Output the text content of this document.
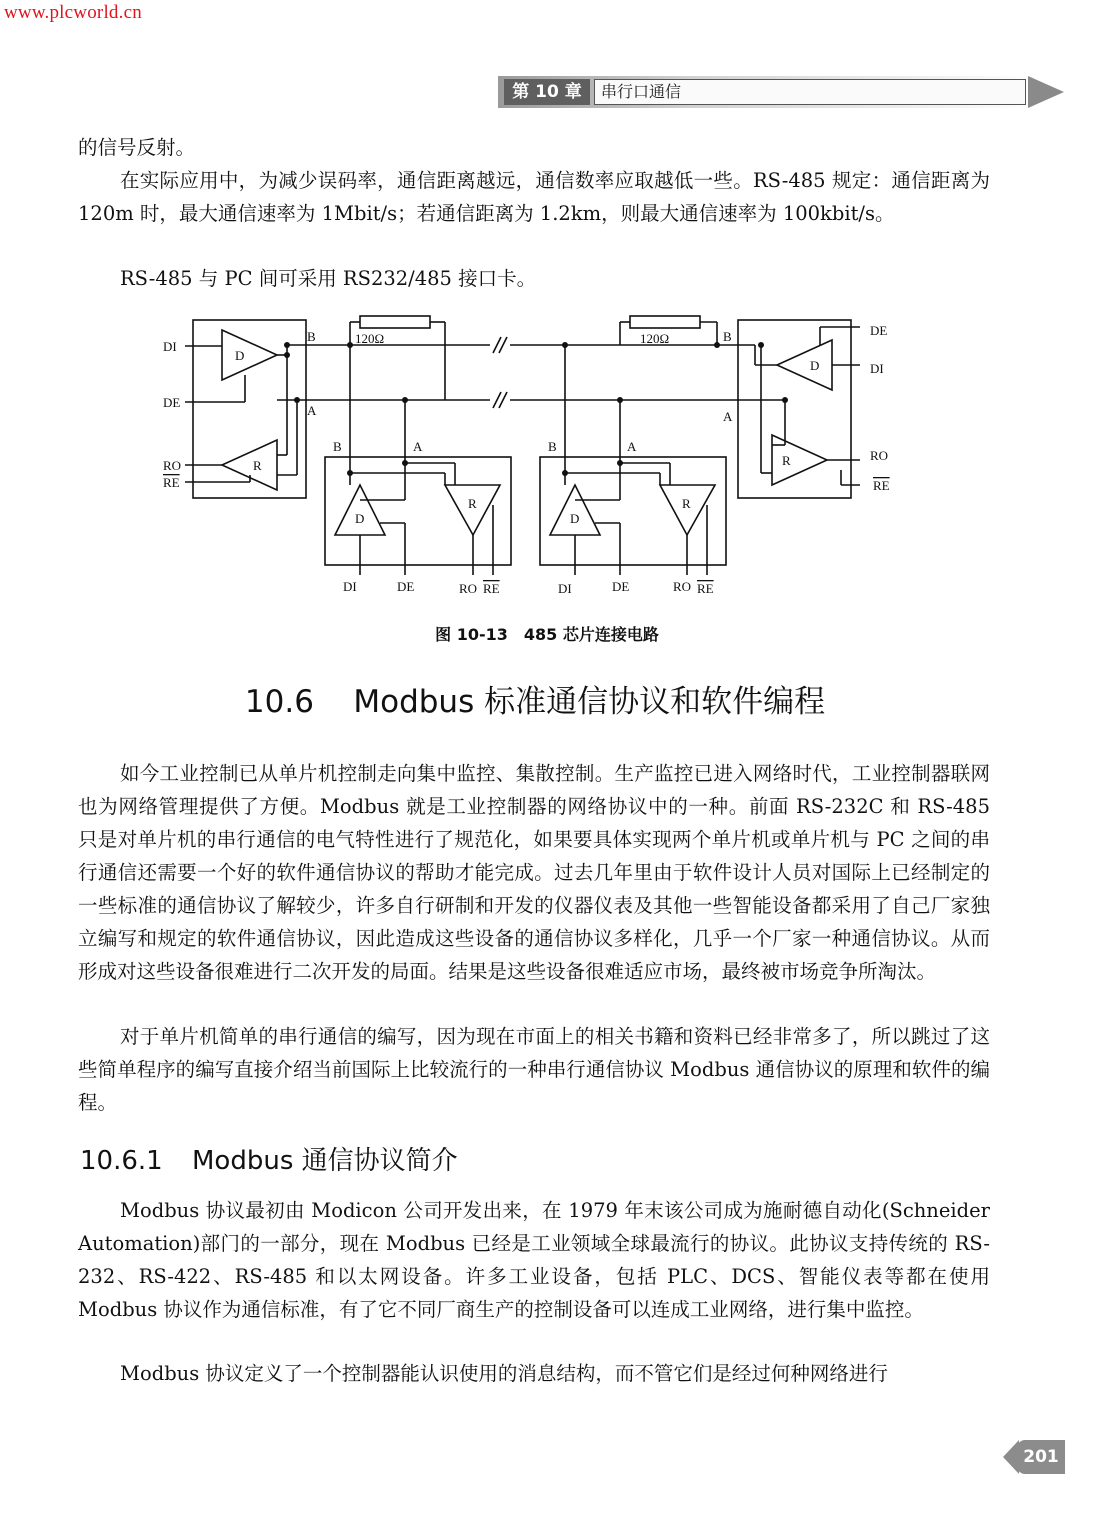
www.plcworld.cn
第 10 章	串行口通信
的信号反射。
在实际应用中，为减少误码率，通信距离越远，通信数率应取越低一些。RS-485 规定：通信距离为 120m 时，最大通信速率为 1Mbit/s；若通信距离为 1.2km，则最大通信速率为 100kbit/s。
RS-485 与 PC 间可采用 RS232/485 接口卡。
DI
DE
RO
RE
D
R
B
A
120Ω	120Ω	B
A
DE
DI
RO
RE
D
R
B	A	B	A
D
R
D
R
DI	DE	RO RE	DI	DE	RO RE
图 10-13　485 芯片连接电路
10.6 Modbus 标准通信协议和软件编程
如今工业控制已从单片机控制走向集中监控、集散控制。生产监控已进入网络时代，工业控制器联网也为网络管理提供了方便。Modbus 就是工业控制器的网络协议中的一种。前面 RS-232C 和 RS-485 只是对单片机的串行通信的电气特性进行了规范化，如果要具体实现两个单片机或单片机与 PC 之间的串行通信还需要一个好的软件通信协议的帮助才能完成。过去几年里由于软件设计人员对国际上已经制定的一些标准的通信协议了解较少，许多自行研制和开发的仪器仪表及其他一些智能设备都采用了自己厂家独立编写和规定的软件通信协议，因此造成这些设备的通信协议多样化，几乎一个厂家一种通信协议。从而形成对这些设备很难进行二次开发的局面。结果是这些设备很难适应市场，最终被市场竞争所淘汰。
对于单片机简单的串行通信的编写，因为现在市面上的相关书籍和资料已经非常多了，所以跳过了这些简单程序的编写直接介绍当前国际上比较流行的一种串行通信协议 Modbus 通信协议的原理和软件的编程。
10.6.1 Modbus 通信协议简介
Modbus 协议最初由 Modicon 公司开发出来，在 1979 年末该公司成为施耐德自动化(Schneider Automation)部门的一部分，现在 Modbus 已经是工业领域全球最流行的协议。此协议支持传统的 RS-232、RS-422、RS-485 和以太网设备。许多工业设备，包括 PLC、DCS、智能仪表等都在使用 Modbus 协议作为通信标准，有了它不同厂商生产的控制设备可以连成工业网络，进行集中监控。
Modbus 协议定义了一个控制器能认识使用的消息结构，而不管它们是经过何种网络进行
201
